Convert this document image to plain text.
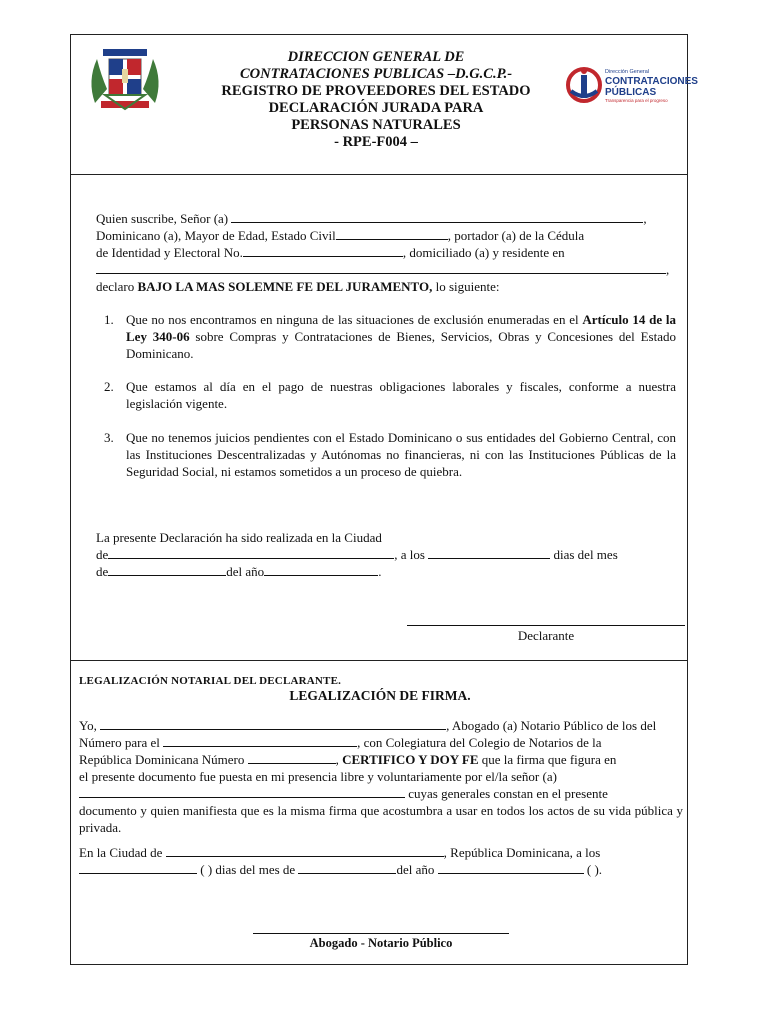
DIRECCION GENERAL DE
CONTRATACIONES PUBLICAS –D.G.C.P.-
REGISTRO DE PROVEEDORES DEL ESTADO
DECLARACIÓN JURADA PARA
PERSONAS NATURALES
- RPE-F004 –
Dirección General
CONTRATACIONES
PÚBLICAS
Transparencia para el progreso
Quien suscribe, Señor (a)	,
Dominicano (a), Mayor de Edad, Estado Civil	, portador (a) de la Cédula
de Identidad y Electoral No.	, domiciliado (a) y residente en
,
declaro BAJO LA MAS SOLEMNE FE DEL JURAMENTO, lo siguiente:
1. Que no nos encontramos en ninguna de las situaciones de exclusión enumeradas en el Artículo 14 de la Ley 340-06 sobre Compras y Contrataciones de Bienes, Servicios, Obras y Concesiones del Estado Dominicano.
2. Que estamos al día en el pago de nuestras obligaciones laborales y fiscales, conforme a nuestra legislación vigente.
3. Que no tenemos juicios pendientes con el Estado Dominicano o sus entidades del Gobierno Central, con las Instituciones Descentralizadas y Autónomas no financieras, ni con las Instituciones Públicas de la Seguridad Social, ni estamos sometidos a un proceso de quiebra.
La presente Declaración ha sido realizada en la Ciudad
de	, a los	dias del mes
de	del año	.
Declarante
LEGALIZACIÓN NOTARIAL DEL DECLARANTE.
LEGALIZACIÓN DE FIRMA.
Yo,	, Abogado (a) Notario Público de los del
Número para el	, con Colegiatura del Colegio de Notarios de la
República Dominicana Número	, CERTIFICO Y DOY FE que la firma que figura en
el presente documento fue puesta en mi presencia libre y voluntariamente por el/la señor (a)
cuyas generales constan en el presente
documento y quien manifiesta que es la misma firma que acostumbra a usar en todos los actos de su vida pública y privada.
En la Ciudad de	, República Dominicana, a los
( ) dias del mes de	del año	( ).
Abogado - Notario Público
